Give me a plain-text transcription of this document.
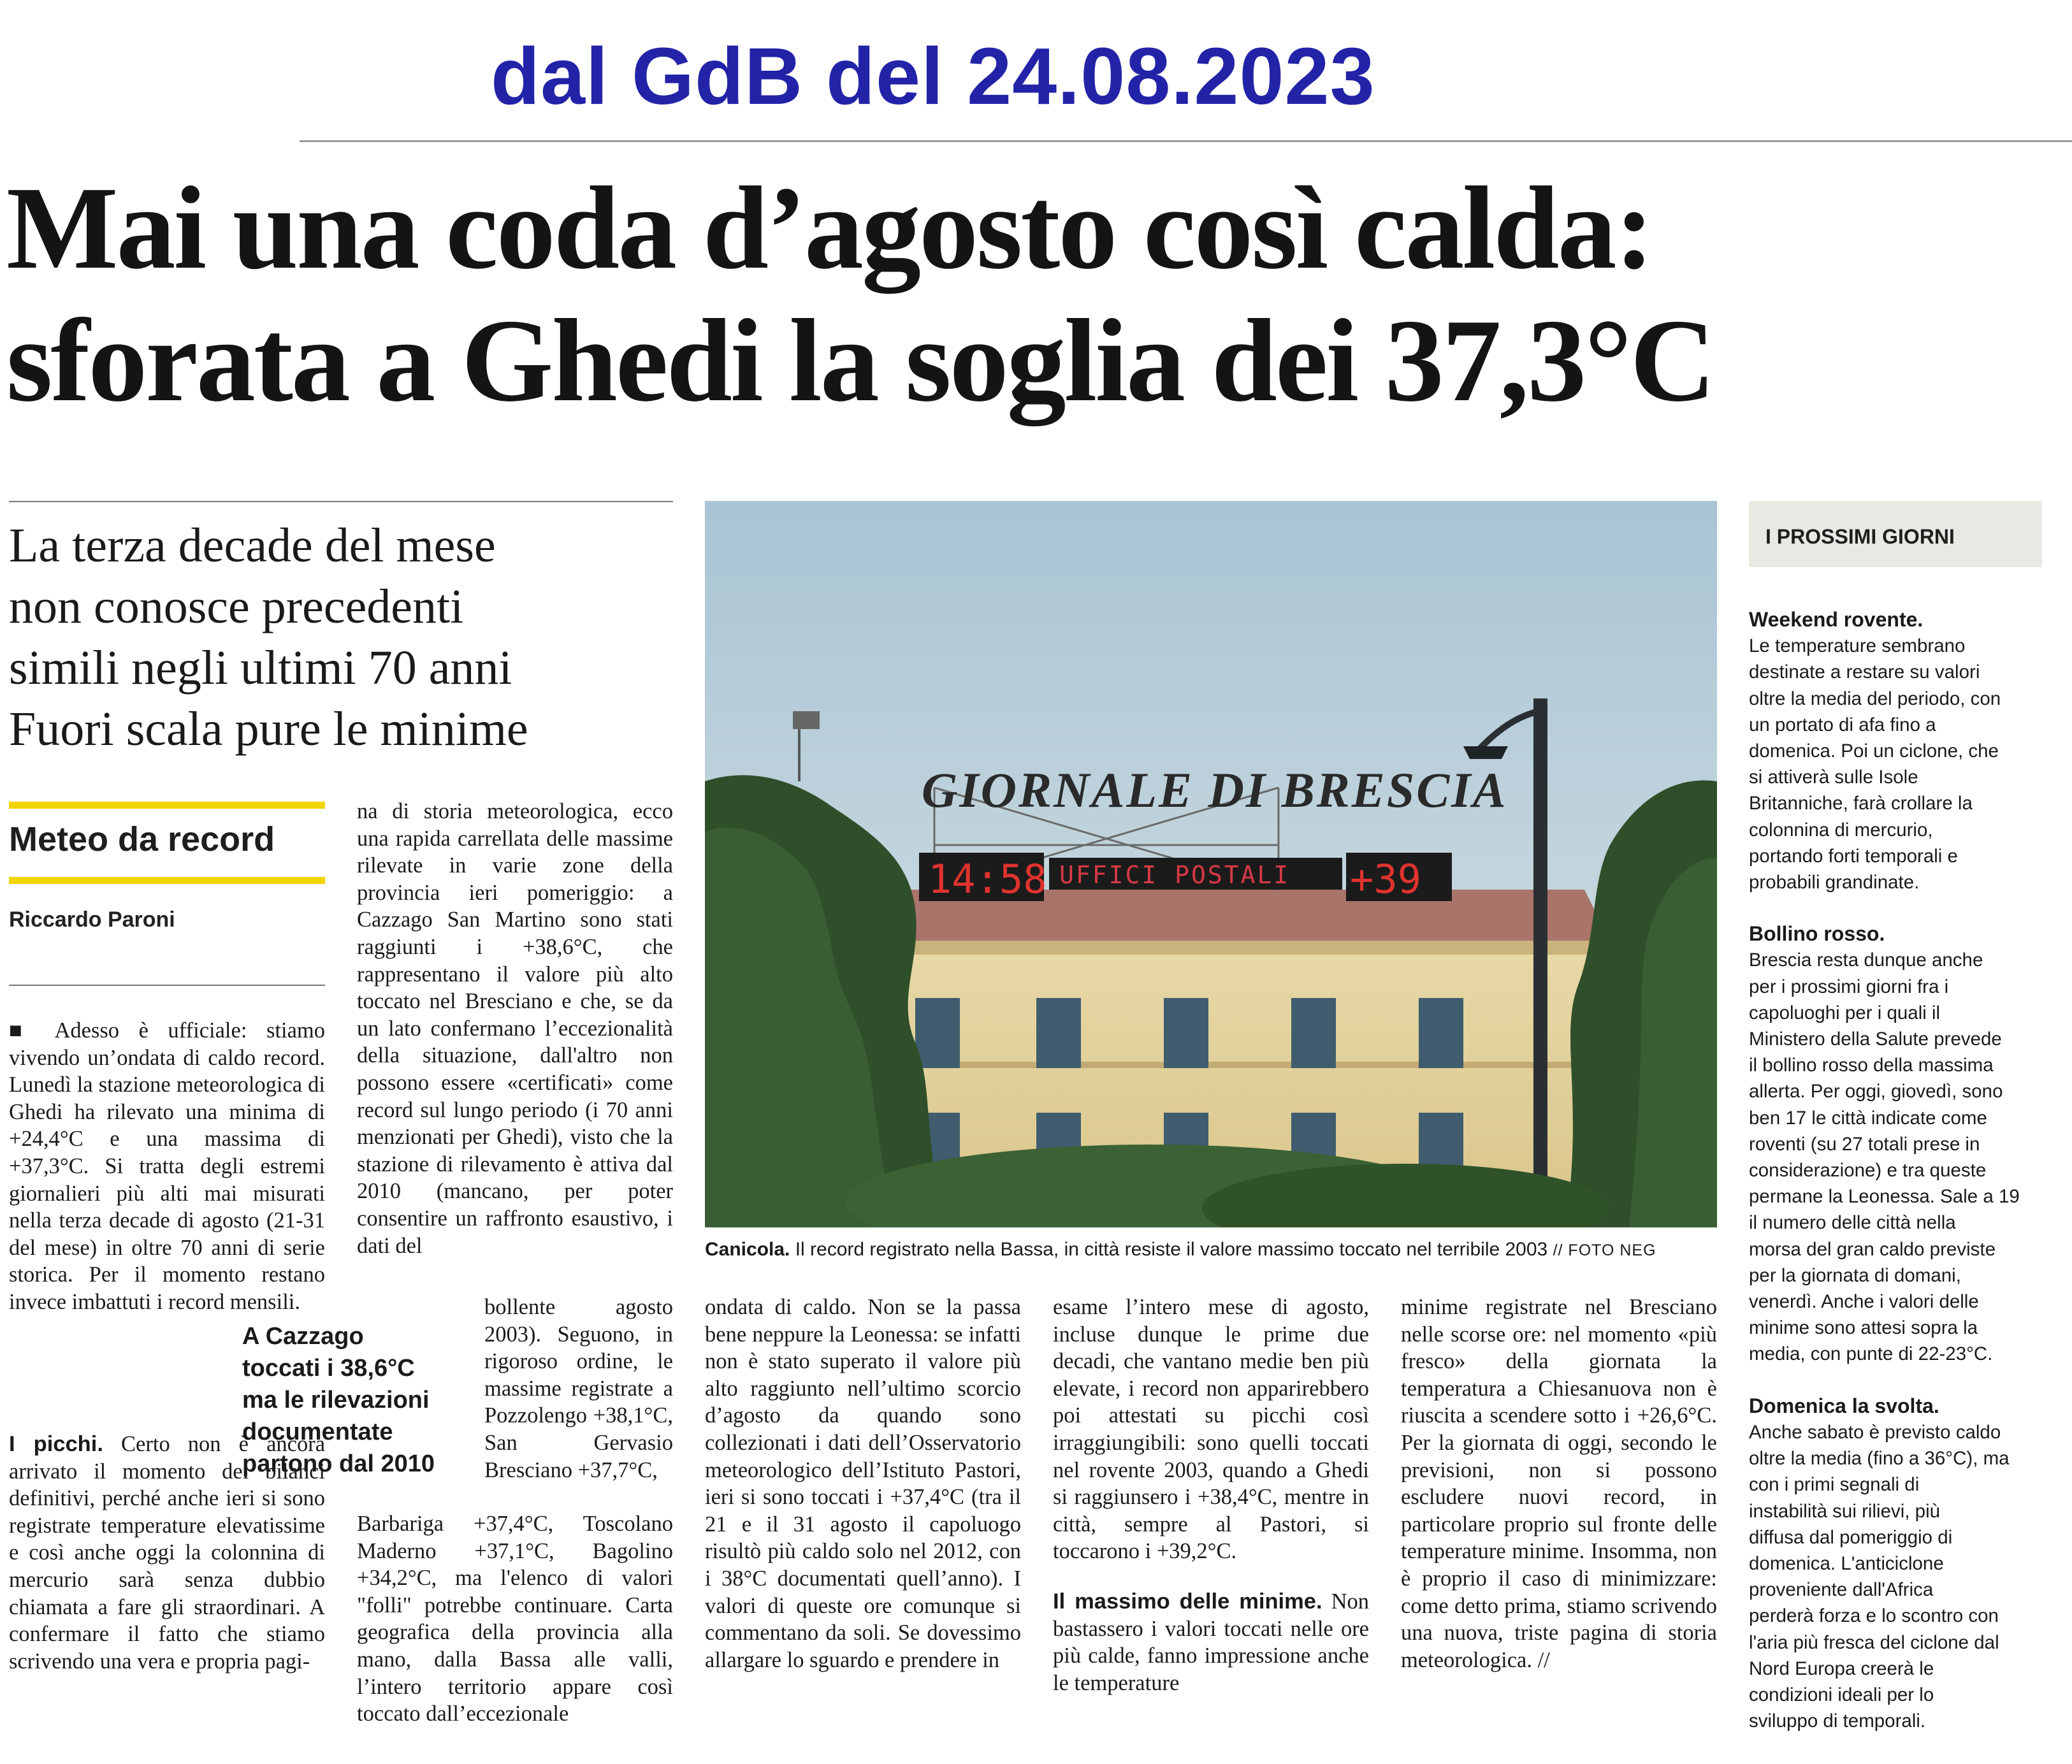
dal GdB del 24.08.2023
Mai una coda d’agosto così calda:
sforata a Ghedi la soglia dei 37,3°C
La terza decade del mese
non conosce precedenti
simili negli ultimi 70 anni
Fuori scala pure le minime
Meteo da record
Riccardo Paroni

■ Adesso è ufficiale: stiamo vivendo un’ondata di caldo record. Lunedì la stazione meteorologica di Ghedi ha rilevato una minima di +24,4°C e una massima di +37,3°C. Si tratta degli estremi giornalieri più alti mai misurati nella terza decade di agosto (21-31 del mese) in oltre 70 anni di serie storica. Per il momento restano invece imbattuti i record mensili.

I picchi. Certo non è ancora arrivato il momento dei bilanci definitivi, perché anche ieri si sono registrate temperature elevatissime e così anche oggi la colonnina di mercurio sarà senza dubbio chiamata a fare gli straordinari. A confermare il fatto che stiamo scrivendo una vera e propria pagi-

na di storia meteorologica, ecco una rapida carrellata delle massime rilevate in varie zone della provincia ieri pomeriggio: a Cazzago San Martino sono stati raggiunti i +38,6°C, che rappresentano il valore più alto toccato nel Bresciano e che, se da un lato confermano l’eccezionalità della situazione, dall'altro non possono essere «certificati» come record sul lungo periodo (i 70 anni menzionati per Ghedi), visto che la stazione di rilevamento è attiva dal 2010 (mancano, per poter consentire un raffronto esaustivo, i dati del

A Cazzago
toccati i 38,6°C
ma le rilevazioni
documentate
partono dal 2010

bollente agosto 2003). Seguono, in rigoroso ordine, le massime registrate a Pozzolengo +38,1°C, San Gervasio Bresciano +37,7°C,

Barbariga +37,4°C, Toscolano Maderno +37,1°C, Bagolino +34,2°C, ma l'elenco di valori "folli" potrebbe continuare. Carta geografica della provincia alla mano, dalla Bassa alle valli, l’intero territorio appare così toccato dall’eccezionale

GIORNALE DI BRESCIA
14:58 UFFICI POSTALI +39
Canicola. Il record registrato nella Bassa, in città resiste il valore massimo toccato nel terribile 2003 // FOTO NEG

ondata di caldo. Non se la passa bene neppure la Leonessa: se infatti non è stato superato il valore più alto raggiunto nell’ultimo scorcio d’agosto da quando sono collezionati i dati dell’Osservatorio meteorologico dell’Istituto Pastori, ieri si sono toccati i +37,4°C (tra il 21 e il 31 agosto il capoluogo risultò più caldo solo nel 2012, con i 38°C documentati quell’anno). I valori di queste ore comunque si commentano da soli. Se dovessimo allargare lo sguardo e prendere in

esame l’intero mese di agosto, incluse dunque le prime due decadi, che vantano medie ben più elevate, i record non apparirebbero poi attestati su picchi così irraggiungibili: sono quelli toccati nel rovente 2003, quando a Ghedi si raggiunsero i +38,4°C, mentre in città, sempre al Pastori, si toccarono i +39,2°C.

Il massimo delle minime. Non bastassero i valori toccati nelle ore più calde, fanno impressione anche le temperature

minime registrate nel Bresciano nelle scorse ore: nel momento «più fresco» della giornata la temperatura a Chiesanuova non è riuscita a scendere sotto i +26,6°C. Per la giornata di oggi, secondo le previsioni, non si possono escludere nuovi record, in particolare proprio sul fronte delle temperature minime. Insomma, non è proprio il caso di minimizzare: come detto prima, stiamo scrivendo una nuova, triste pagina di storia meteorologica. //

I PROSSIMI GIORNI

Weekend rovente.

Le temperature sembrano
destinate a restare su valori
oltre la media del periodo, con
un portato di afa fino a
domenica. Poi un ciclone, che
si attiverà sulle Isole
Britanniche, farà crollare la
colonnina di mercurio,
portando forti temporali e
probabili grandinate.

Bollino rosso.

Brescia resta dunque anche
per i prossimi giorni fra i
capoluoghi per i quali il
Ministero della Salute prevede
il bollino rosso della massima
allerta. Per oggi, giovedì, sono
ben 17 le città indicate come
roventi (su 27 totali prese in
considerazione) e tra queste
permane la Leonessa. Sale a 19
il numero delle città nella
morsa del gran caldo previste
per la giornata di domani,
venerdì. Anche i valori delle
minime sono attesi sopra la
media, con punte di 22-23°C.

Domenica la svolta.

Anche sabato è previsto caldo
oltre la media (fino a 36°C), ma
con i primi segnali di
instabilità sui rilievi, più
diffusa dal pomeriggio di
domenica. L'anticiclone
proveniente dall'Africa
perderà forza e lo scontro con
l'aria più fresca del ciclone dal
Nord Europa creerà le
condizioni ideali per lo
sviluppo di temporali.
